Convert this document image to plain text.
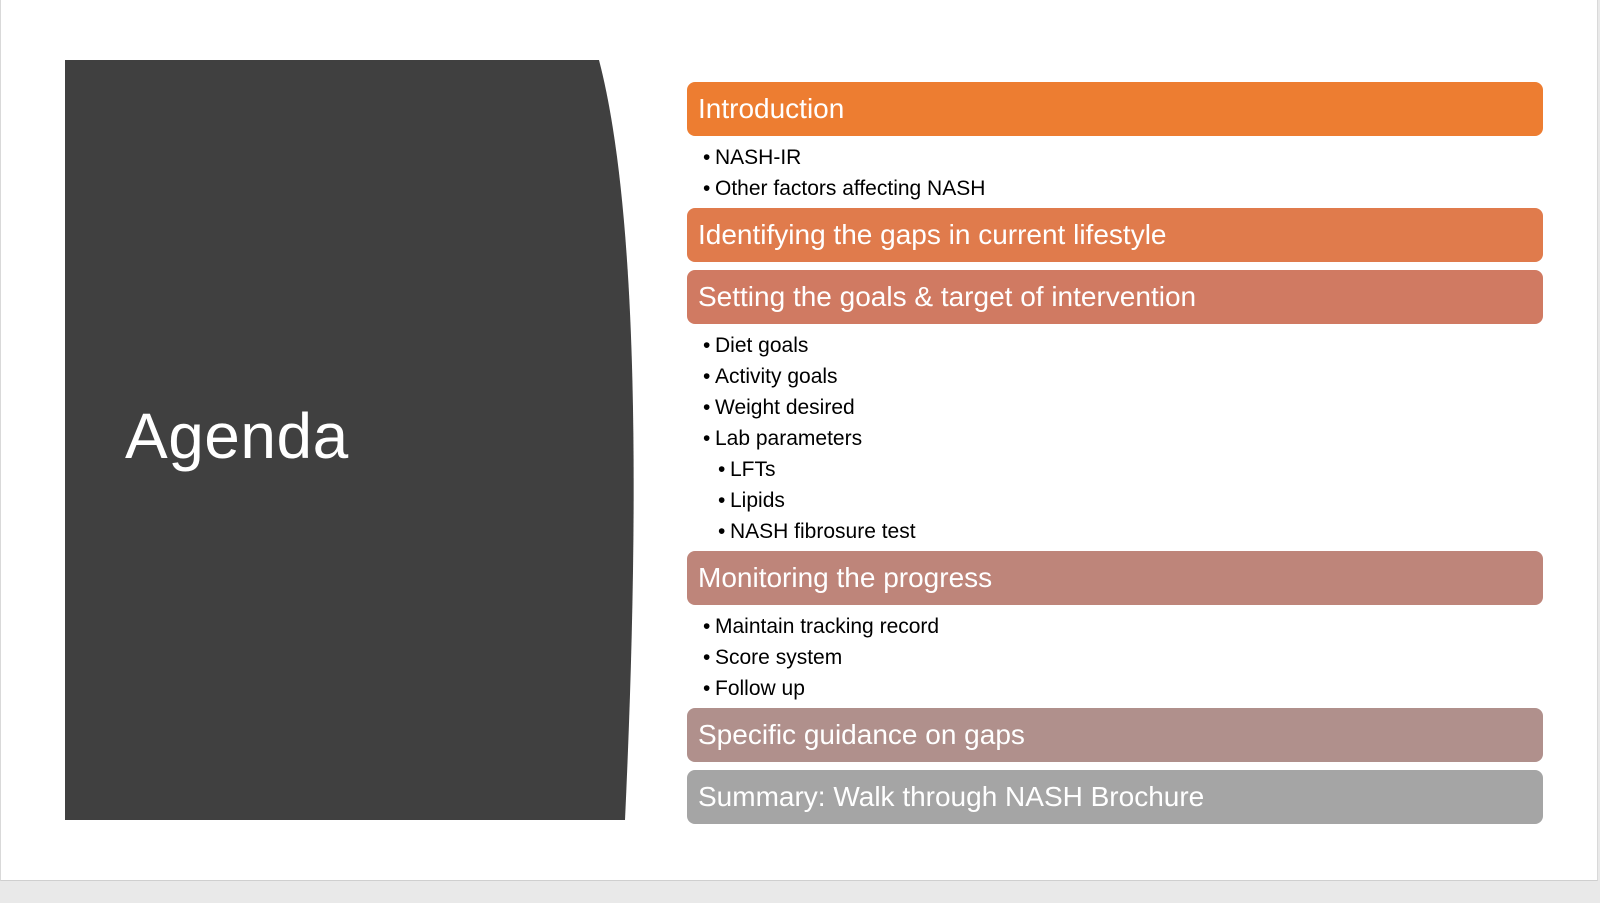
Agenda
Introduction
• NASH-IR
• Other factors affecting NASH
Identifying the gaps in current lifestyle
Setting the goals & target of intervention
• Diet goals
• Activity goals
• Weight desired
• Lab parameters
• LFTs
• Lipids
• NASH fibrosure test
Monitoring the progress
• Maintain tracking record
• Score system
• Follow up
Specific guidance on gaps
Summary: Walk through NASH Brochure
